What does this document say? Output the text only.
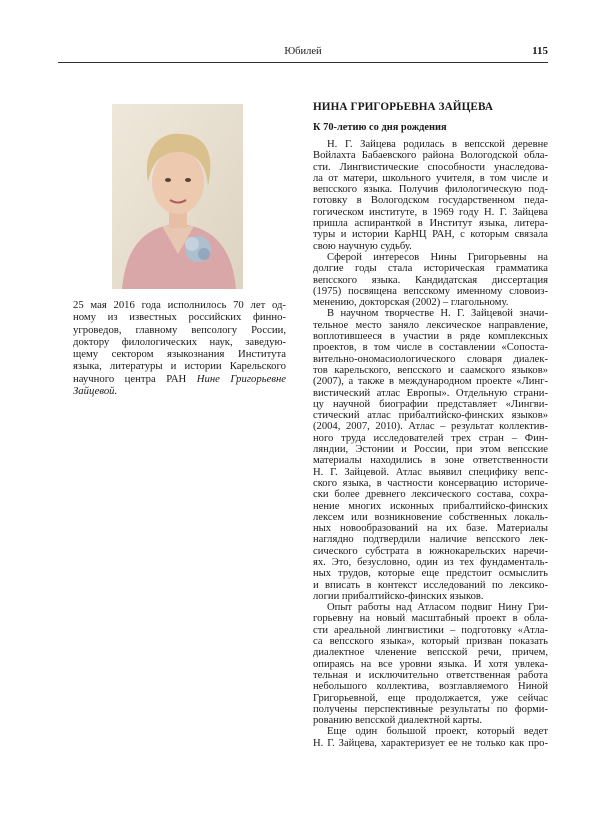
Юбилей	115
25 мая 2016 года исполнилось 70 лет од-
ному из известных российских финно-
угроведов, главному вепсологу России,
доктору филологических наук, заведую-
щему сектором языкознания Института
языка, литературы и истории Карельского
научного центра РАН Нине Григорьевне
Зайцевой.
НИНА ГРИГОРЬЕВНА ЗАЙЦЕВА
К 70-летию со дня рождения
Н. Г. Зайцева родилась в вепсской деревне
Войлахта Бабаевского района Вологодской обла-
сти. Лингвистические способности унаследова-
ла от матери, школьного учителя, в том числе и
вепсского языка. Получив филологическую под-
готовку в Вологодском государственном педа-
гогическом институте, в 1969 году Н. Г. Зайцева
пришла аспиранткой в Институт языка, литера-
туры и истории КарНЦ РАН, с которым связала
свою научную судьбу.
Сферой интересов Нины Григорьевны на
долгие годы стала историческая грамматика
вепсского языка. Кандидатская диссертация
(1975) посвящена вепсскому именному словоиз-
менению, докторская (2002) – глагольному.
В научном творчестве Н. Г. Зайцевой значи-
тельное место заняло лексическое направление,
воплотившееся в участии в ряде комплексных
проектов, в том числе в составлении «Сопоста-
вительно-ономасиологического словаря диалек-
тов карельского, вепсского и саамского языков»
(2007), а также в международном проекте «Линг-
вистический атлас Европы». Отдельную страни-
цу научной биографии представляет «Лингви-
стический атлас прибалтийско-финских языков»
(2004, 2007, 2010). Атлас – результат коллектив-
ного труда исследователей трех стран – Фин-
ляндии, Эстонии и России, при этом вепсские
материалы находились в зоне ответственности
Н. Г. Зайцевой. Атлас выявил специфику вепс-
ского языка, в частности консервацию историче-
ски более древнего лексического состава, сохра-
нение многих исконных прибалтийско-финских
лексем или возникновение собственных локаль-
ных новообразований на их базе. Материалы
наглядно подтвердили наличие вепсского лек-
сического субстрата в южнокарельских наречи-
ях. Это, безусловно, один из тех фундаменталь-
ных трудов, которые еще предстоит осмыслить
и вписать в контекст исследований по лексико-
логии прибалтийско-финских языков.
Опыт работы над Атласом подвиг Нину Гри-
горьевну на новый масштабный проект в обла-
сти ареальной лингвистики – подготовку «Атла-
са вепсского языка», который призван показать
диалектное членение вепсской речи, причем,
опираясь на все уровни языка. И хотя увлека-
тельная и исключительно ответственная работа
небольшого коллектива, возглавляемого Ниной
Григорьевной, еще продолжается, уже сейчас
получены перспективные результаты по форми-
рованию вепсской диалектной карты.
Еще один большой проект, который ведет
Н. Г. Зайцева, характеризует ее не только как про-
